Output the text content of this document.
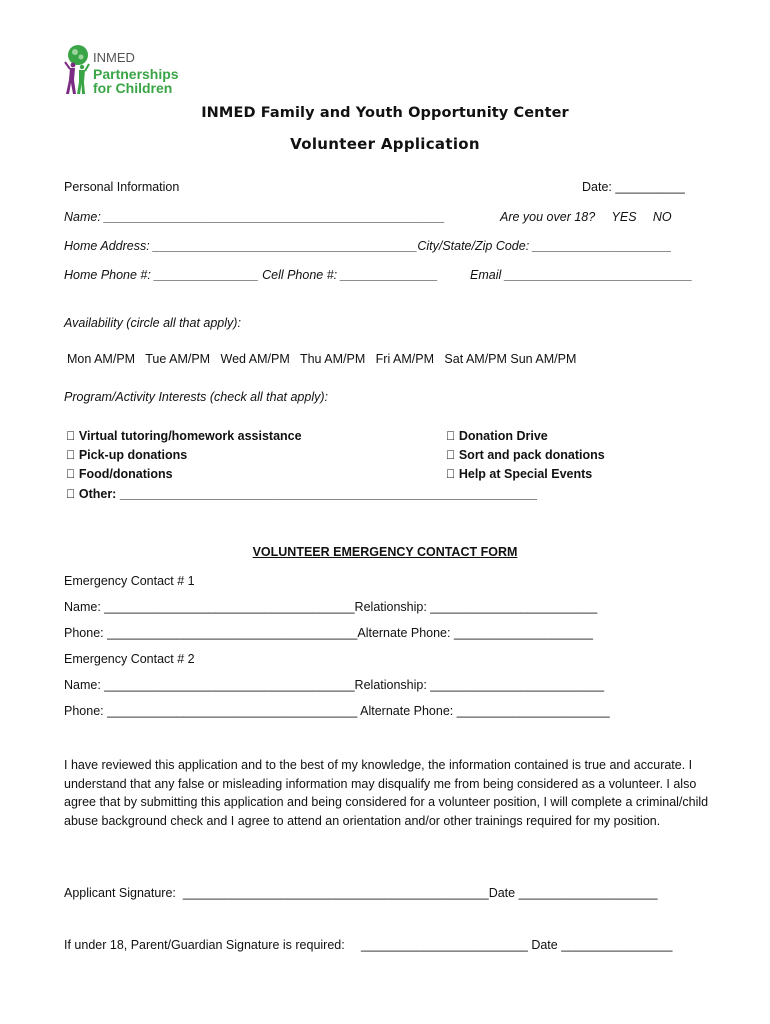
INMED
Partnerships
for Children
INMED Family and Youth Opportunity Center
Volunteer Application
Personal Information	Date: __________
Name: _________________________________________________	Are you over 18?   YES   NO
Home Address: ______________________________________City/State/Zip Code: ____________________
Home Phone #: _______________ Cell Phone #: ______________	Email ___________________________
Availability (circle all that apply):
Mon AM/PM   Tue AM/PM   Wed AM/PM   Thu AM/PM   Fri AM/PM   Sat AM/PM Sun AM/PM
Program/Activity Interests (check all that apply):
Virtual tutoring/homework assistance
Pick-up donations
Food/donations
Other: ____________________________________________________________
Donation Drive
Sort and pack donations
Help at Special Events
VOLUNTEER EMERGENCY CONTACT FORM
Emergency Contact # 1
Name: ____________________________________Relationship: ________________________
Phone: ____________________________________Alternate Phone: ____________________
Emergency Contact # 2
Name: ____________________________________Relationship: _________________________
Phone: ____________________________________ Alternate Phone: ______________________
I have reviewed this application and to the best of my knowledge, the information contained is true and accurate. I understand that any false or misleading information may disqualify me from being considered as a volunteer. I also agree that by submitting this application and being considered for a volunteer position, I will complete a criminal/child abuse background check and I agree to attend an orientation and/or other trainings required for my position.
Applicant Signature:  ____________________________________________Date ____________________
If under 18, Parent/Guardian Signature is required: ________________________ Date ________________
